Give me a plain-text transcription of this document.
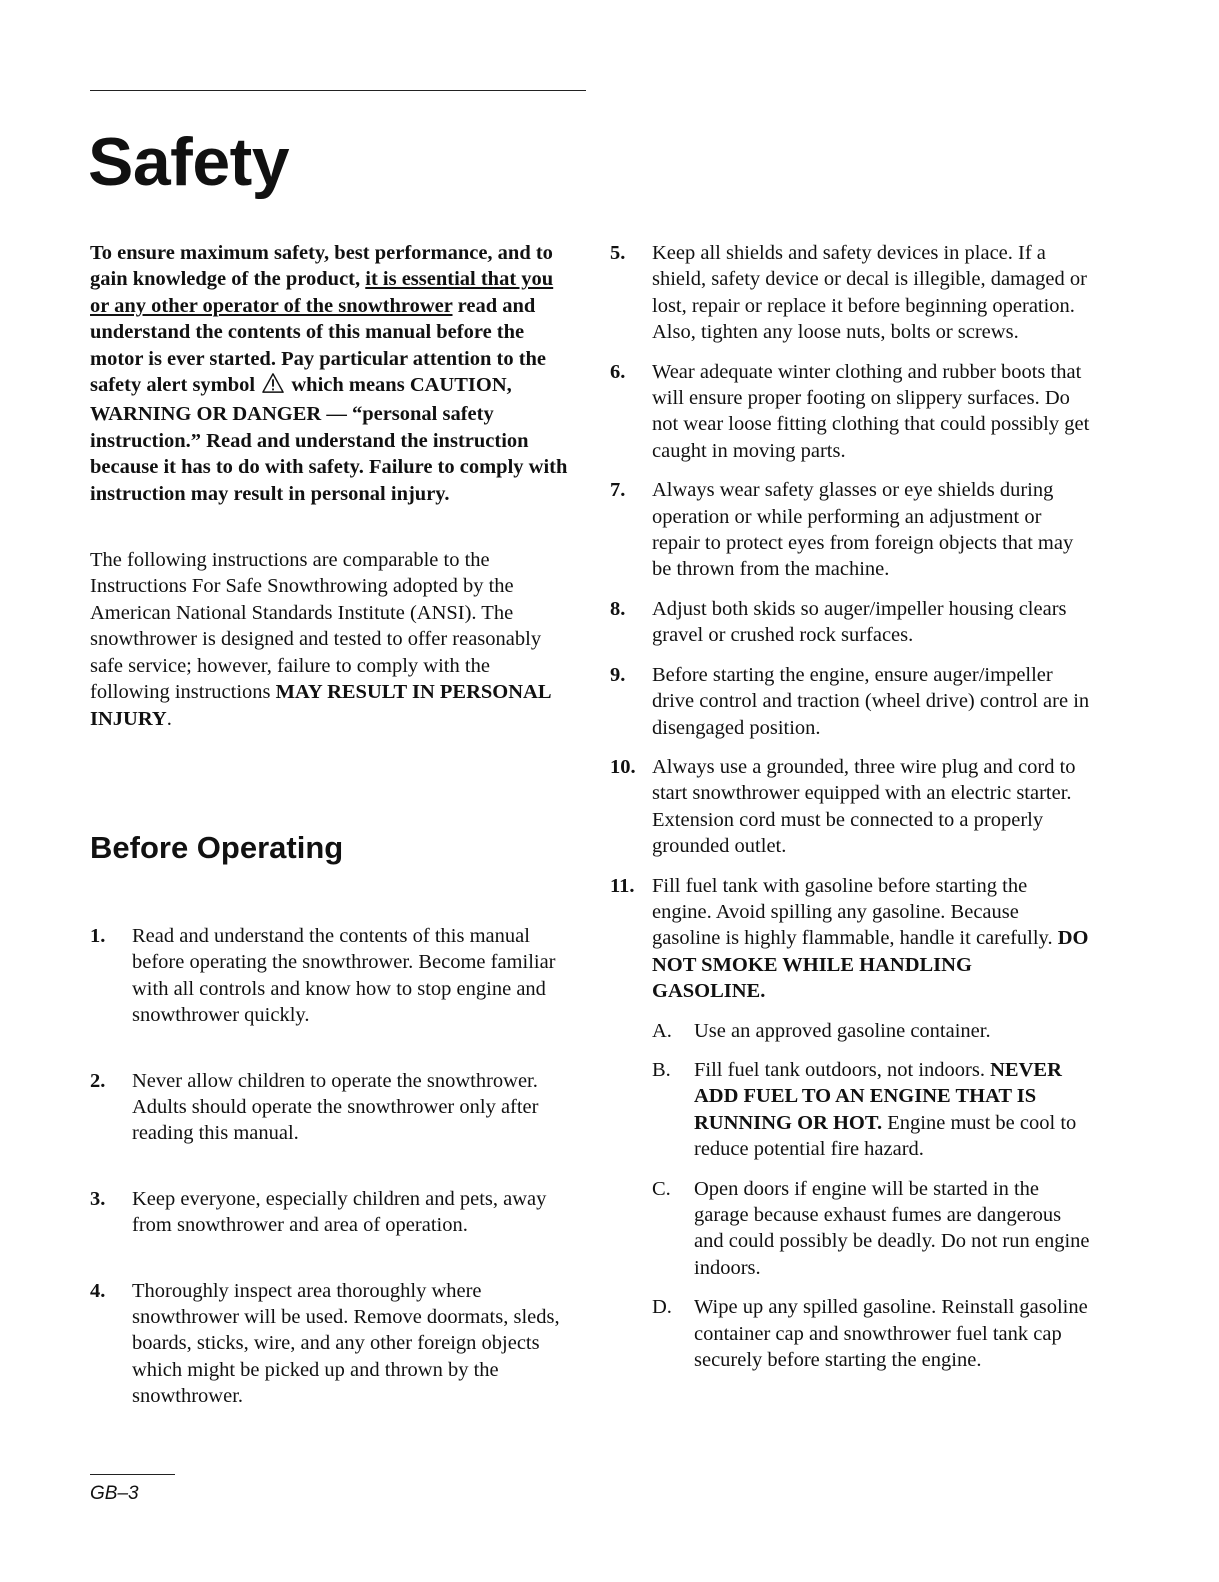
Safety

To ensure maximum safety, best performance, and to gain knowledge of the product, it is essential that you or any other operator of the snowthrower read and understand the contents of this manual before the motor is ever started. Pay particular attention to the safety alert symbol  which means CAUTION, WARNING OR DANGER — “personal safety instruction.” Read and understand the instruction because it has to do with safety. Failure to comply with instruction may result in personal injury.

The following instructions are comparable to the Instructions For Safe Snowthrowing adopted by the American National Standards Institute (ANSI). The snowthrower is designed and tested to offer reasonably safe service; however, failure to comply with the following instructions MAY RESULT IN PERSONAL INJURY.

Before Operating
1.	Read and understand the contents of this manual before operating the snowthrower. Become familiar with all controls and know how to stop engine and snowthrower quickly.
2.	Never allow children to operate the snowthrower. Adults should operate the snowthrower only after reading this manual.
3.	Keep everyone, especially children and pets, away from snowthrower and area of operation.
4.	Thoroughly inspect area thoroughly where snowthrower will be used. Remove doormats, sleds, boards, sticks, wire, and any other foreign objects which might be picked up and thrown by the snowthrower.
5.	Keep all shields and safety devices in place. If a shield, safety device or decal is illegible, damaged or lost, repair or replace it before beginning operation. Also, tighten any loose nuts, bolts or screws.
6.	Wear adequate winter clothing and rubber boots that will ensure proper footing on slippery surfaces. Do not wear loose fitting clothing that could possibly get caught in moving parts.
7.	Always wear safety glasses or eye shields during operation or while performing an adjustment or repair to protect eyes from foreign objects that may be thrown from the machine.
8.	Adjust both skids so auger/impeller housing clears gravel or crushed rock surfaces.
9.	Before starting the engine, ensure auger/impeller drive control and traction (wheel drive) control are in disengaged position.
10. Always use a grounded, three wire plug and cord to start snowthrower equipped with an electric starter. Extension cord must be connected to a properly grounded outlet.
11. Fill fuel tank with gasoline before starting the engine. Avoid spilling any gasoline. Because gasoline is highly flammable, handle it carefully. DO NOT SMOKE WHILE HANDLING GASOLINE.
A.	Use an approved gasoline container.
B.	Fill fuel tank outdoors, not indoors. NEVER ADD FUEL TO AN ENGINE THAT IS RUNNING OR HOT. Engine must be cool to reduce potential fire hazard.
C.	Open doors if engine will be started in the garage because exhaust fumes are dangerous and could possibly be deadly. Do not run engine indoors.
D.	Wipe up any spilled gasoline. Reinstall gasoline container cap and snowthrower fuel tank cap securely before starting the engine.
GB–3
